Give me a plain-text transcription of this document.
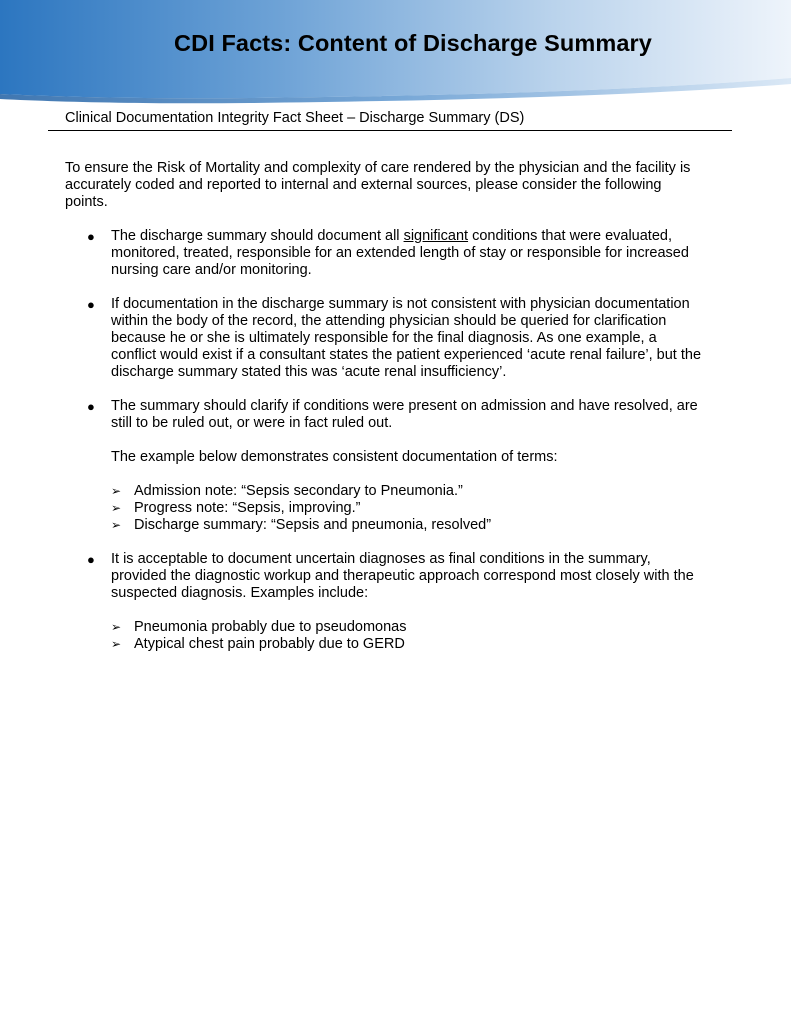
CDI Facts: Content of Discharge Summary
Clinical Documentation Integrity Fact Sheet – Discharge Summary (DS)

To ensure the Risk of Mortality and complexity of care rendered by the physician and the facility is accurately coded and reported to internal and external sources, please consider the following points.

● The discharge summary should document all significant conditions that were evaluated, monitored, treated, responsible for an extended length of stay or responsible for increased nursing care and/or monitoring.
● If documentation in the discharge summary is not consistent with physician documentation within the body of the record, the attending physician should be queried for clarification because he or she is ultimately responsible for the final diagnosis. As one example, a conflict would exist if a consultant states the patient experienced ‘acute renal failure’, but the discharge summary stated this was ‘acute renal insufficiency’.
● The summary should clarify if conditions were present on admission and have resolved, are still to be ruled out, or were in fact ruled out.
The example below demonstrates consistent documentation of terms:
➢ Admission note: “Sepsis secondary to Pneumonia.”
➢ Progress note: “Sepsis, improving.”
➢ Discharge summary: “Sepsis and pneumonia, resolved”
● It is acceptable to document uncertain diagnoses as final conditions in the summary, provided the diagnostic workup and therapeutic approach correspond most closely with the suspected diagnosis. Examples include:
➢ Pneumonia probably due to pseudomonas
➢ Atypical chest pain probably due to GERD
